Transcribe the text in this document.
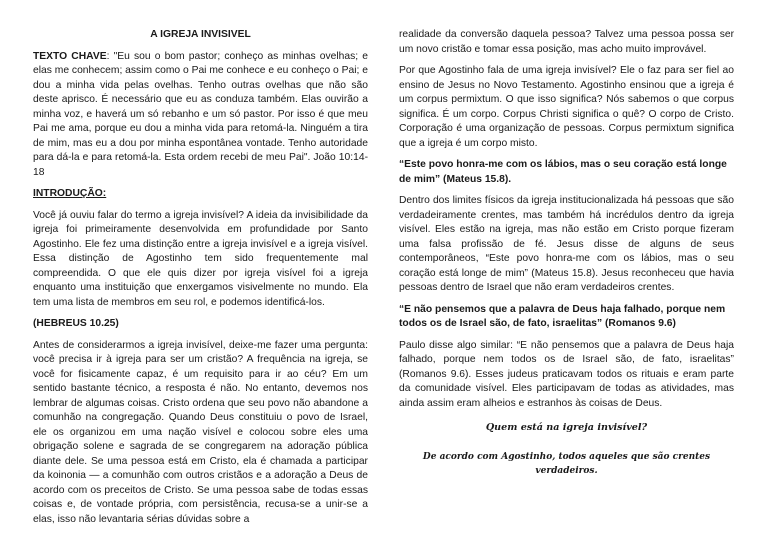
A IGREJA INVISIVEL

TEXTO CHAVE: "Eu sou o bom pastor; conheço as minhas ovelhas; e elas me conhecem; assim como o Pai me conhece e eu conheço o Pai; e dou a minha vida pelas ovelhas. Tenho outras ovelhas que não são deste aprisco. É necessário que eu as conduza também. Elas ouvirão a minha voz, e haverá um só rebanho e um só pastor. Por isso é que meu Pai me ama, porque eu dou a minha vida para retomá-la. Ninguém a tira de mim, mas eu a dou por minha espontânea vontade. Tenho autoridade para dá-la e para retomá-la. Esta ordem recebi de meu Pai". João 10:14-18

INTRODUÇÃO:

Você já ouviu falar do termo a igreja invisível? A ideia da invisibilidade da igreja foi primeiramente desenvolvida em profundidade por Santo Agostinho. Ele fez uma distinção entre a igreja invisível e a igreja visível. Essa distinção de Agostinho tem sido frequentemente mal compreendida. O que ele quis dizer por igreja visível foi a igreja enquanto uma instituição que enxergamos visivelmente no mundo. Ela tem uma lista de membros em seu rol, e podemos identificá-los.

(HEBREUS 10.25)

Antes de considerarmos a igreja invisível, deixe-me fazer uma pergunta: você precisa ir à igreja para ser um cristão? A frequência na igreja, se você for fisicamente capaz, é um requisito para ir ao céu? Em um sentido bastante técnico, a resposta é não. No entanto, devemos nos lembrar de algumas coisas. Cristo ordena que seu povo não abandone a comunhão na congregação. Quando Deus constituiu o povo de Israel, ele os organizou em uma nação visível e colocou sobre eles uma obrigação solene e sagrada de se congregarem na adoração pública diante dele. Se uma pessoa está em Cristo, ela é chamada a participar da koinonia — a comunhão com outros cristãos e a adoração a Deus de acordo com os preceitos de Cristo. Se uma pessoa sabe de todas essas coisas e, de vontade própria, com persistência, recusa-se a unir-se a elas, isso não levantaria sérias dúvidas sobre a

realidade da conversão daquela pessoa? Talvez uma pessoa possa ser um novo cristão e tomar essa posição, mas acho muito improvável.

Por que Agostinho fala de uma igreja invisível? Ele o faz para ser fiel ao ensino de Jesus no Novo Testamento. Agostinho ensinou que a igreja é um corpus permixtum. O que isso significa? Nós sabemos o que corpus significa. É um corpo. Corpus Christi significa o quê? O corpo de Cristo. Corporação é uma organização de pessoas. Corpus permixtum significa que a igreja é um corpo misto.

“Este povo honra-me com os lábios, mas o seu coração está longe de mim” (Mateus 15.8).

Dentro dos limites físicos da igreja institucionalizada há pessoas que são verdadeiramente crentes, mas também há incrédulos dentro da igreja visível. Eles estão na igreja, mas não estão em Cristo porque fizeram uma falsa profissão de fé. Jesus disse de alguns de seus contemporâneos, “Este povo honra-me com os lábios, mas o seu coração está longe de mim” (Mateus 15.8). Jesus reconheceu que havia pessoas dentro de Israel que não eram verdadeiros crentes.

“E não pensemos que a palavra de Deus haja falhado, porque nem todos os de Israel são, de fato, israelitas” (Romanos 9.6)

Paulo disse algo similar: “E não pensemos que a palavra de Deus haja falhado, porque nem todos os de Israel são, de fato, israelitas” (Romanos 9.6). Esses judeus praticavam todos os rituais e eram parte da comunidade visível. Eles participavam de todas as atividades, mas ainda assim eram alheios e estranhos às coisas de Deus.

Quem está na igreja invisível?
De acordo com Agostinho, todos aqueles que são crentes verdadeiros.
